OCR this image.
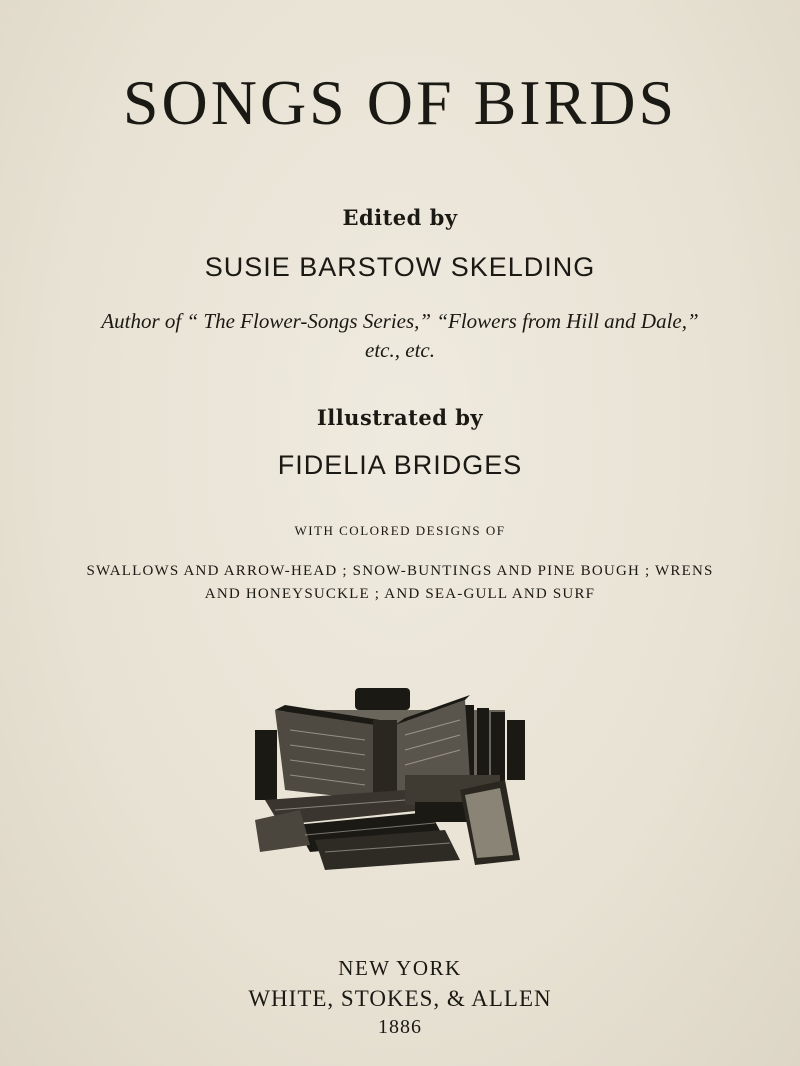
SONGS OF BIRDS
Edited by
SUSIE BARSTOW SKELDING
Author of “ The Flower-Songs Series,” “Flowers from Hill and Dale,”
etc., etc.
Illustrated by
FIDELIA BRIDGES
WITH COLORED DESIGNS OF
SWALLOWS AND ARROW-HEAD ; SNOW-BUNTINGS AND PINE BOUGH ; WRENS
AND HONEYSUCKLE ; AND SEA-GULL AND SURF
NEW YORK
WHITE, STOKES, & ALLEN
1886
